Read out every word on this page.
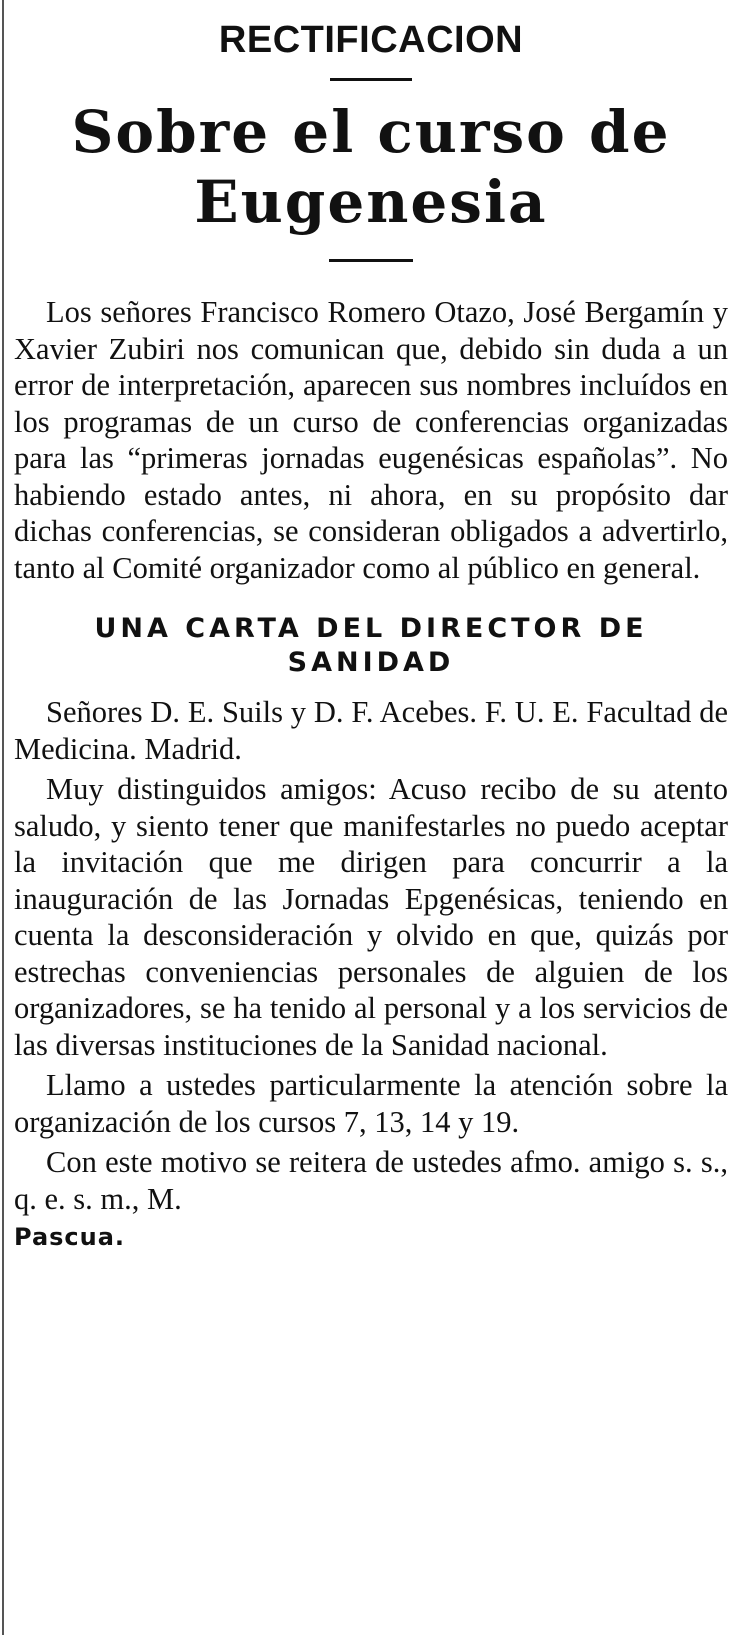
RECTIFICACION
Sobre el curso de
Eugenesia

Los señores Francisco Romero Otazo, José Bergamín y Xavier Zubiri nos comunican que, debido sin duda a un error de interpretación, aparecen sus nombres incluídos en los programas de un curso de conferencias organizadas para las “primeras jornadas eugenésicas españolas”. No habiendo estado antes, ni ahora, en su propósito dar dichas conferencias, se consideran obligados a advertirlo, tanto al Comité organizador como al público en general.

UNA CARTA DEL DIRECTOR DE SANIDAD

Señores D. E. Suils y D. F. Acebes. F. U. E. Facultad de Medicina. Madrid.

Muy distinguidos amigos: Acuso recibo de su atento saludo, y siento tener que manifestarles no puedo aceptar la invitación que me dirigen para concurrir a la inauguración de las Jornadas Epgenésicas, teniendo en cuenta la desconsideración y olvido en que, quizás por estrechas conveniencias personales de alguien de los organizadores, se ha tenido al personal y a los servicios de las diversas instituciones de la Sanidad nacional.

Llamo a ustedes particularmente la atención sobre la organización de los cursos 7, 13, 14 y 19.

Con este motivo se reitera de ustedes afmo. amigo s. s., q. e. s. m., M.
Pascua.
